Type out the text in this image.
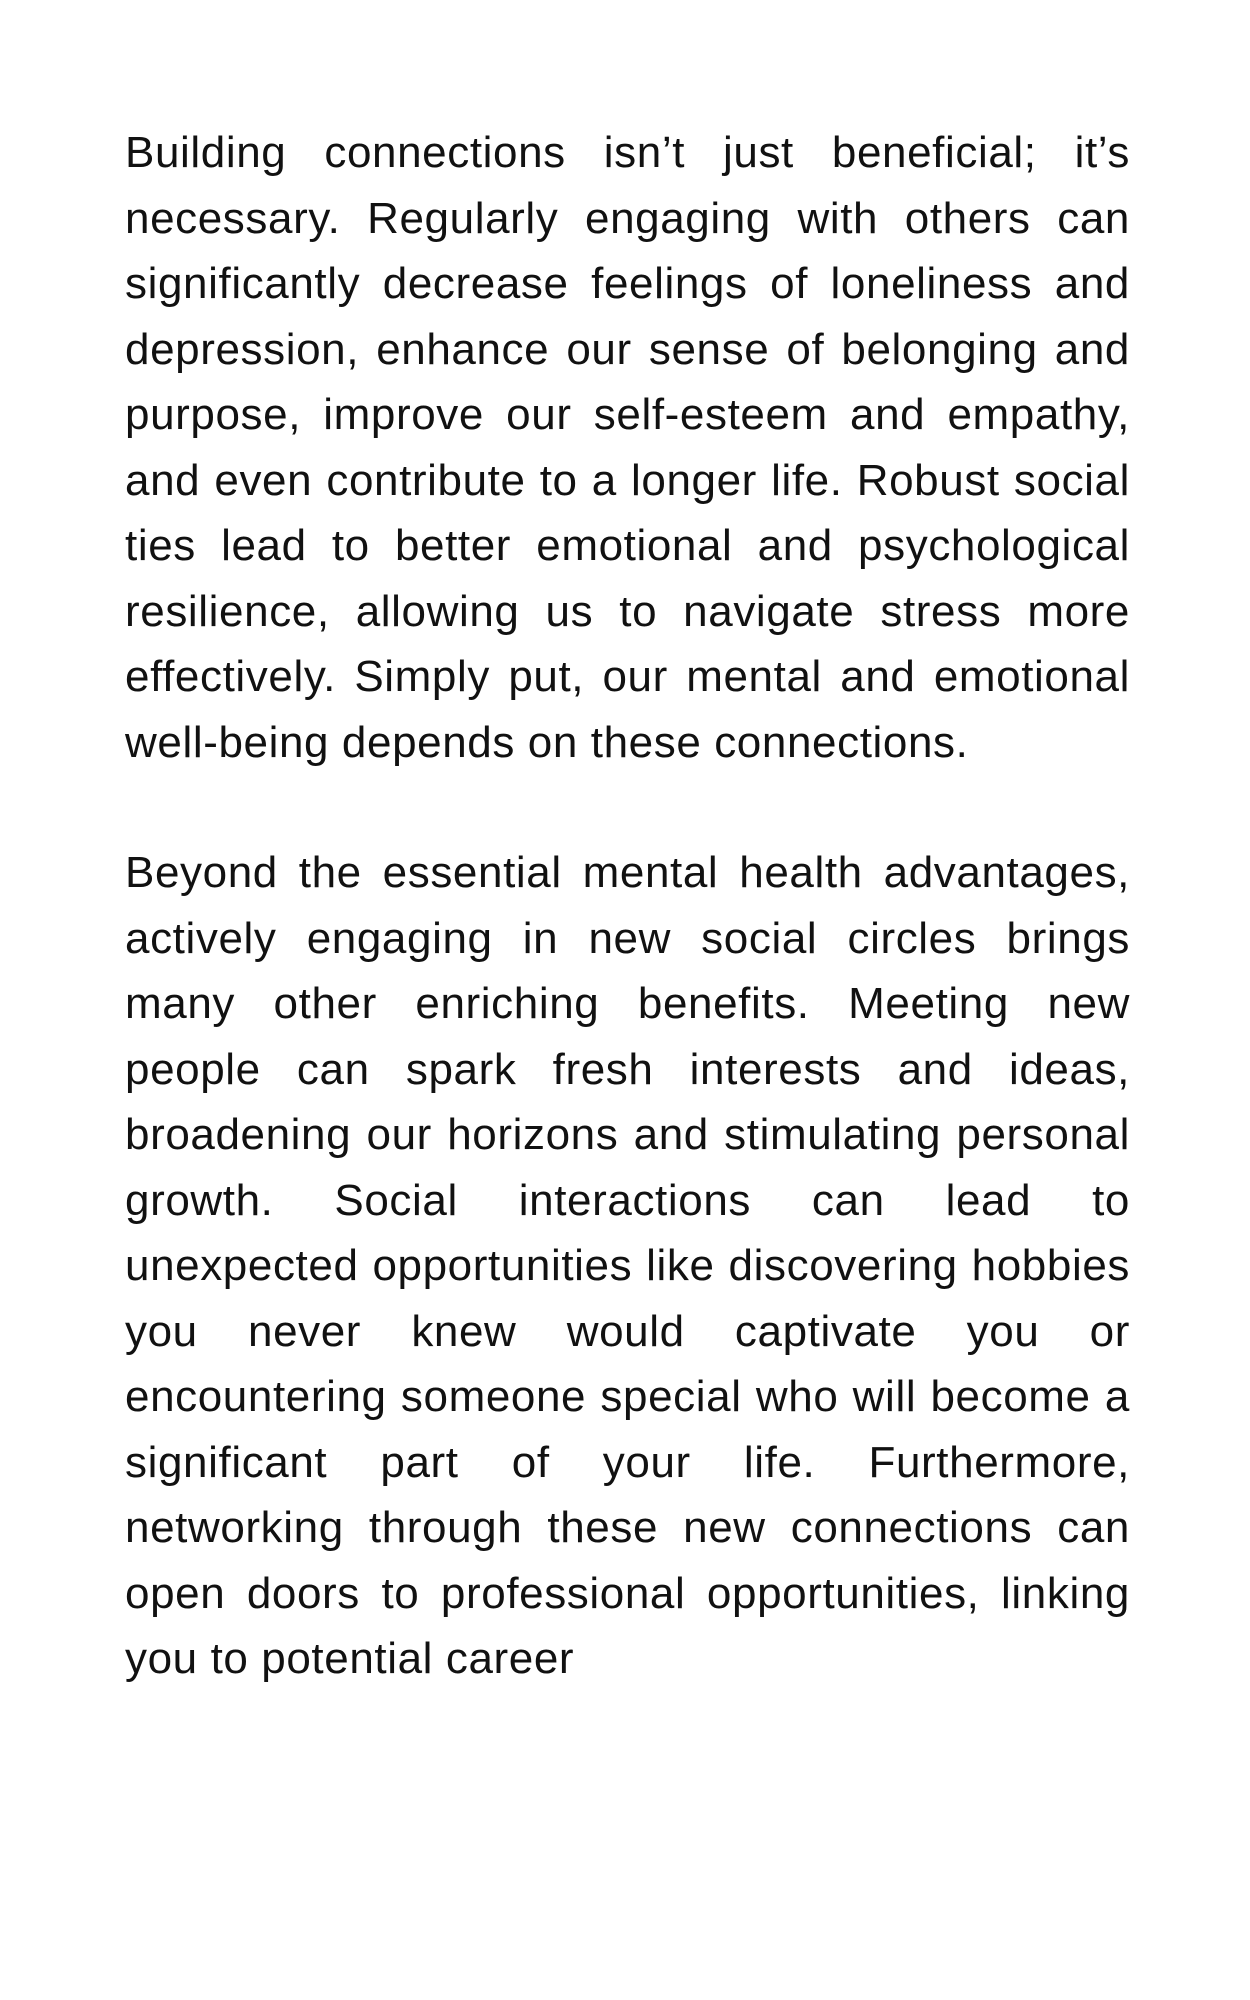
Building connections isn’t just beneficial; it’s necessary. Regularly engaging with others can significantly decrease feelings of loneliness and depression, enhance our sense of belonging and purpose, improve our self-esteem and empathy, and even contribute to a longer life. Robust social ties lead to better emotional and psychological resilience, allowing us to navigate stress more effectively. Simply put, our mental and emotional well-being depends on these connections.

Beyond the essential mental health advantages, actively engaging in new social circles brings many other enriching benefits. Meeting new people can spark fresh interests and ideas, broadening our horizons and stimulating personal growth. Social interactions can lead to unexpected opportunities like discovering hobbies you never knew would captivate you or encountering someone special who will become a significant part of your life. Furthermore, networking through these new connections can open doors to professional opportunities, linking you to potential career
